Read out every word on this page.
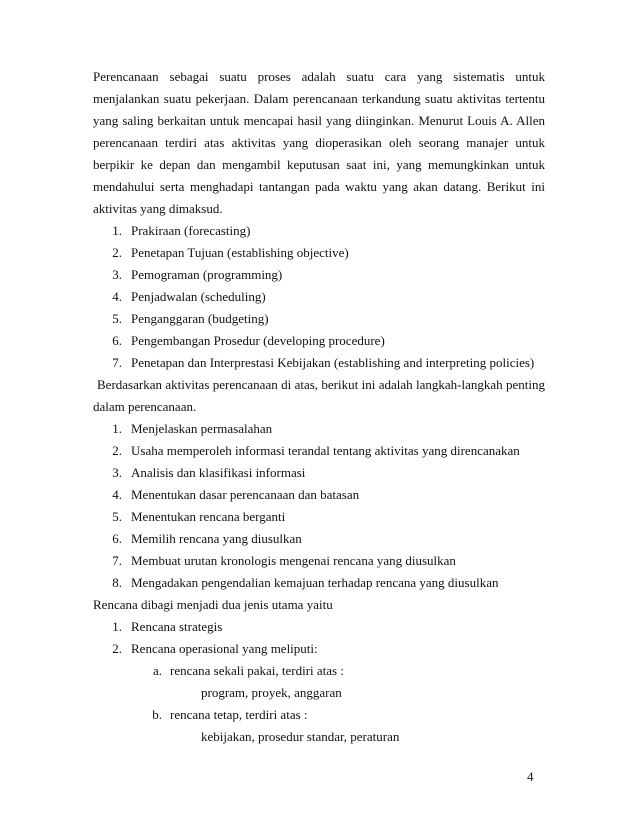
Perencanaan sebagai suatu proses adalah suatu cara yang sistematis untuk menjalankan suatu pekerjaan. Dalam perencanaan terkandung suatu aktivitas tertentu yang saling berkaitan untuk mencapai hasil yang diinginkan. Menurut Louis A. Allen perencanaan terdiri atas aktivitas yang dioperasikan oleh seorang manajer untuk berpikir ke depan dan mengambil keputusan saat ini, yang memungkinkan untuk mendahului serta menghadapi tantangan pada waktu yang akan datang. Berikut ini aktivitas yang dimaksud.

1. Prakiraan (forecasting)
2. Penetapan Tujuan (establishing objective)
3. Pemograman (programming)
4. Penjadwalan (scheduling)
5. Penganggaran (budgeting)
6. Pengembangan Prosedur (developing procedure)
7. Penetapan dan Interprestasi Kebijakan (establishing and interpreting policies)

Berdasarkan aktivitas perencanaan di atas, berikut ini adalah langkah-langkah penting dalam perencanaan.

1. Menjelaskan permasalahan
2. Usaha memperoleh informasi terandal tentang aktivitas yang direncanakan
3. Analisis dan klasifikasi informasi
4. Menentukan dasar perencanaan dan batasan
5. Menentukan rencana berganti
6. Memilih rencana yang diusulkan
7. Membuat urutan kronologis mengenai rencana yang diusulkan
8. Mengadakan pengendalian kemajuan terhadap rencana yang diusulkan

Rencana dibagi menjadi dua jenis utama yaitu

1. Rencana strategis
2. Rencana operasional yang meliputi:
a. rencana sekali pakai, terdiri atas :
program, proyek, anggaran
b. rencana tetap, terdiri atas :
kebijakan, prosedur standar, peraturan
4
